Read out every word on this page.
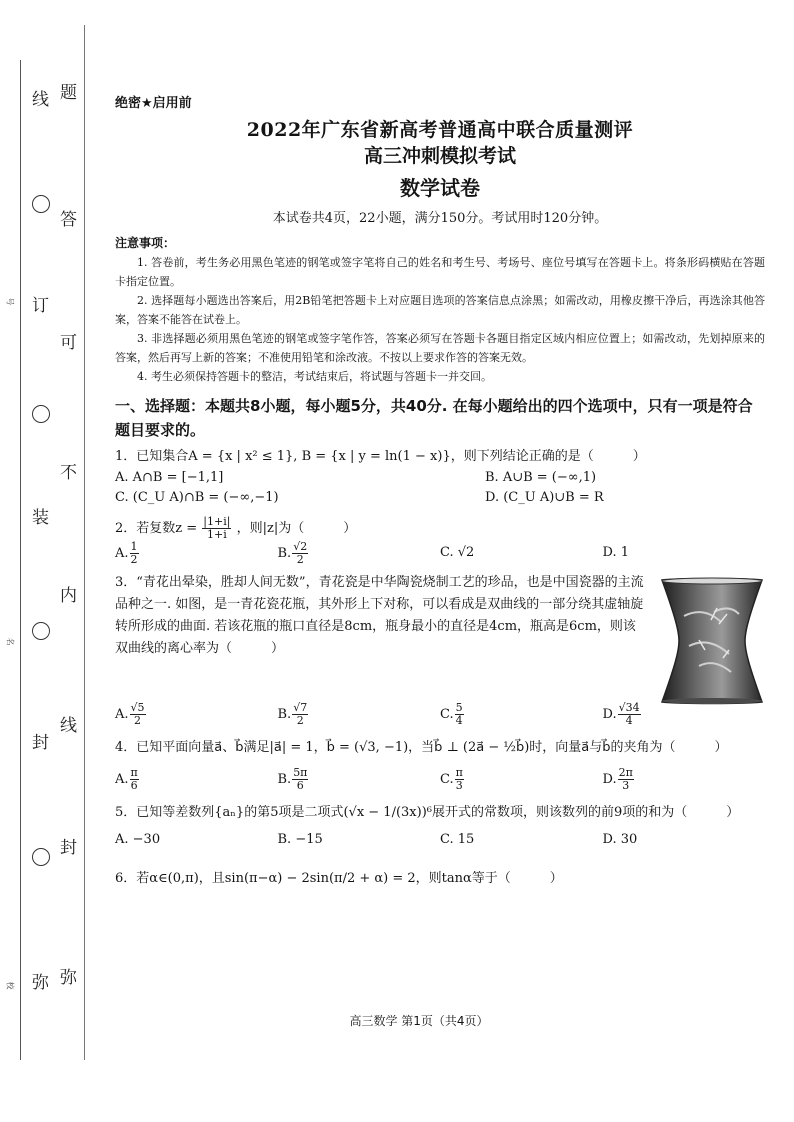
线
订
装
封
弥
题
答
可
不
内
线
封
弥
号
名
校

绝密★启用前

2022年广东省新高考普通高中联合质量测评

高三冲刺模拟考试

数学试卷

本试卷共4页，22小题，满分150分。考试用时120分钟。

注意事项：

1. 答卷前，考生务必用黑色笔迹的钢笔或签字笔将自己的姓名和考生号、考场号、座位号填写在答题卡上。将条形码横贴在答题卡指定位置。

2. 选择题每小题选出答案后，用2B铅笔把答题卡上对应题目选项的答案信息点涂黑；如需改动，用橡皮擦干净后，再选涂其他答案，答案不能答在试卷上。

3. 非选择题必须用黑色笔迹的钢笔或签字笔作答，答案必须写在答题卡各题目指定区域内相应位置上；如需改动，先划掉原来的答案，然后再写上新的答案；不准使用铅笔和涂改液。不按以上要求作答的答案无效。

4. 考生必须保持答题卡的整洁，考试结束后，将试题与答题卡一并交回。

一、选择题：本题共8小题，每小题5分，共40分. 在每小题给出的四个选项中，只有一项是符合题目要求的。

1．已知集合A = {x | x² ≤ 1}, B = {x | y = ln(1 − x)}，则下列结论正确的是（　　　）

A. A∩B = [−1,1]	B. A∪B = (−∞,1)
C. (C_U A)∩B = (−∞,−1)	D. (C_U A)∪B = R

2．若复数$z = \frac{|1+i|}{1+i}$ ，则|z|为（　　　）

A. $\frac{1}{2}$	B. $\frac{√2}{2}$	C. √2	D. 1
3．“青花出晕染，胜却人间无数”，青花瓷是中华陶瓷烧制工艺的珍品，也是中国瓷器的主流品种之一. 如图，是一青花瓷花瓶，其外形上下对称，可以看成是双曲线的一部分绕其虚轴旋转所形成的曲面. 若该花瓶的瓶口直径是8cm，瓶身最小的直径是4cm，瓶高是6cm，则该双曲线的离心率为（　　　）
A. $\frac{√5}{2}$	B. $\frac{√7}{2}$	C. $\frac{5}{4}$	D. $\frac{√34}{4}$

4．已知平面向量a⃗、b⃗满足|a⃗| = 1，b⃗ = (√3, −1)，当b⃗ ⊥ (2a⃗ − ½b⃗)时，向量a⃗与b⃗的夹角为（　　　）

A. $\frac{\pi}{6}$	B. $\frac{5\pi}{6}$	C. $\frac{\pi}{3}$	D. $\frac{2\pi}{3}$

5．已知等差数列{aₙ}的第5项是二项式(√x − 1/(3x))⁶展开式的常数项，则该数列的前9项的和为（　　　）

A. −30	B. −15	C. 15	D. 30

6．若α∈(0,π)，且sin(π−α) − 2sin(π/2 + α) = 2，则tanα等于（　　　）

高三数学 第1页（共4页）
